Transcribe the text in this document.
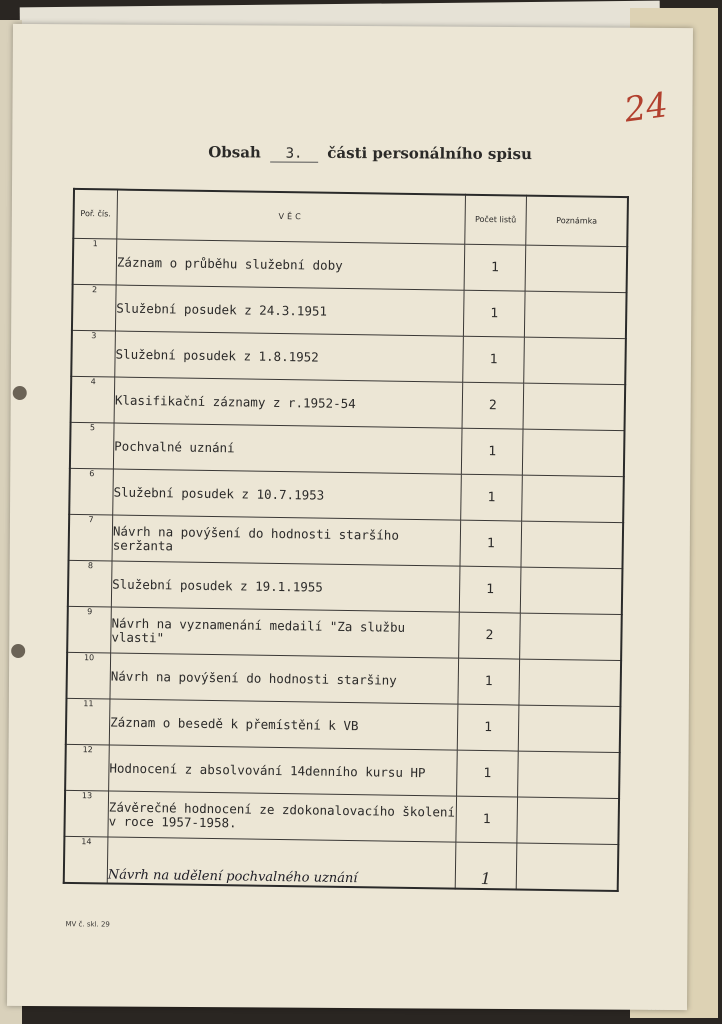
24
Obsah 3. části personálního spisu
Poř. čís.	VĚC	Počet listů	Poznámka
1	Záznam o průběhu služební doby	1	
2	Služební posudek z 24.3.1951	1	
3	Služební posudek z 1.8.1952	1	
4	Klasifikační záznamy z r.1952-54	2	
5	Pochvalné uznání	1	
6	Služební posudek z 10.7.1953	1	
7	Návrh na povýšení do hodnosti staršího seržanta	1	
8	Služební posudek z 19.1.1955	1	
9	Návrh na vyznamenání medailí "Za službu vlasti"	2	
10	Návrh na povýšení do hodnosti staršiny	1	
11	Záznam o besedě k přemístění k VB	1	
12	Hodnocení z absolvování 14denního kursu HP	1	
13	Závěrečné hodnocení ze zdokonalovacího školení v roce 1957-1958.	1	
14	Návrh na udělení pochvalného uznání	1	
MV č. skl. 29
